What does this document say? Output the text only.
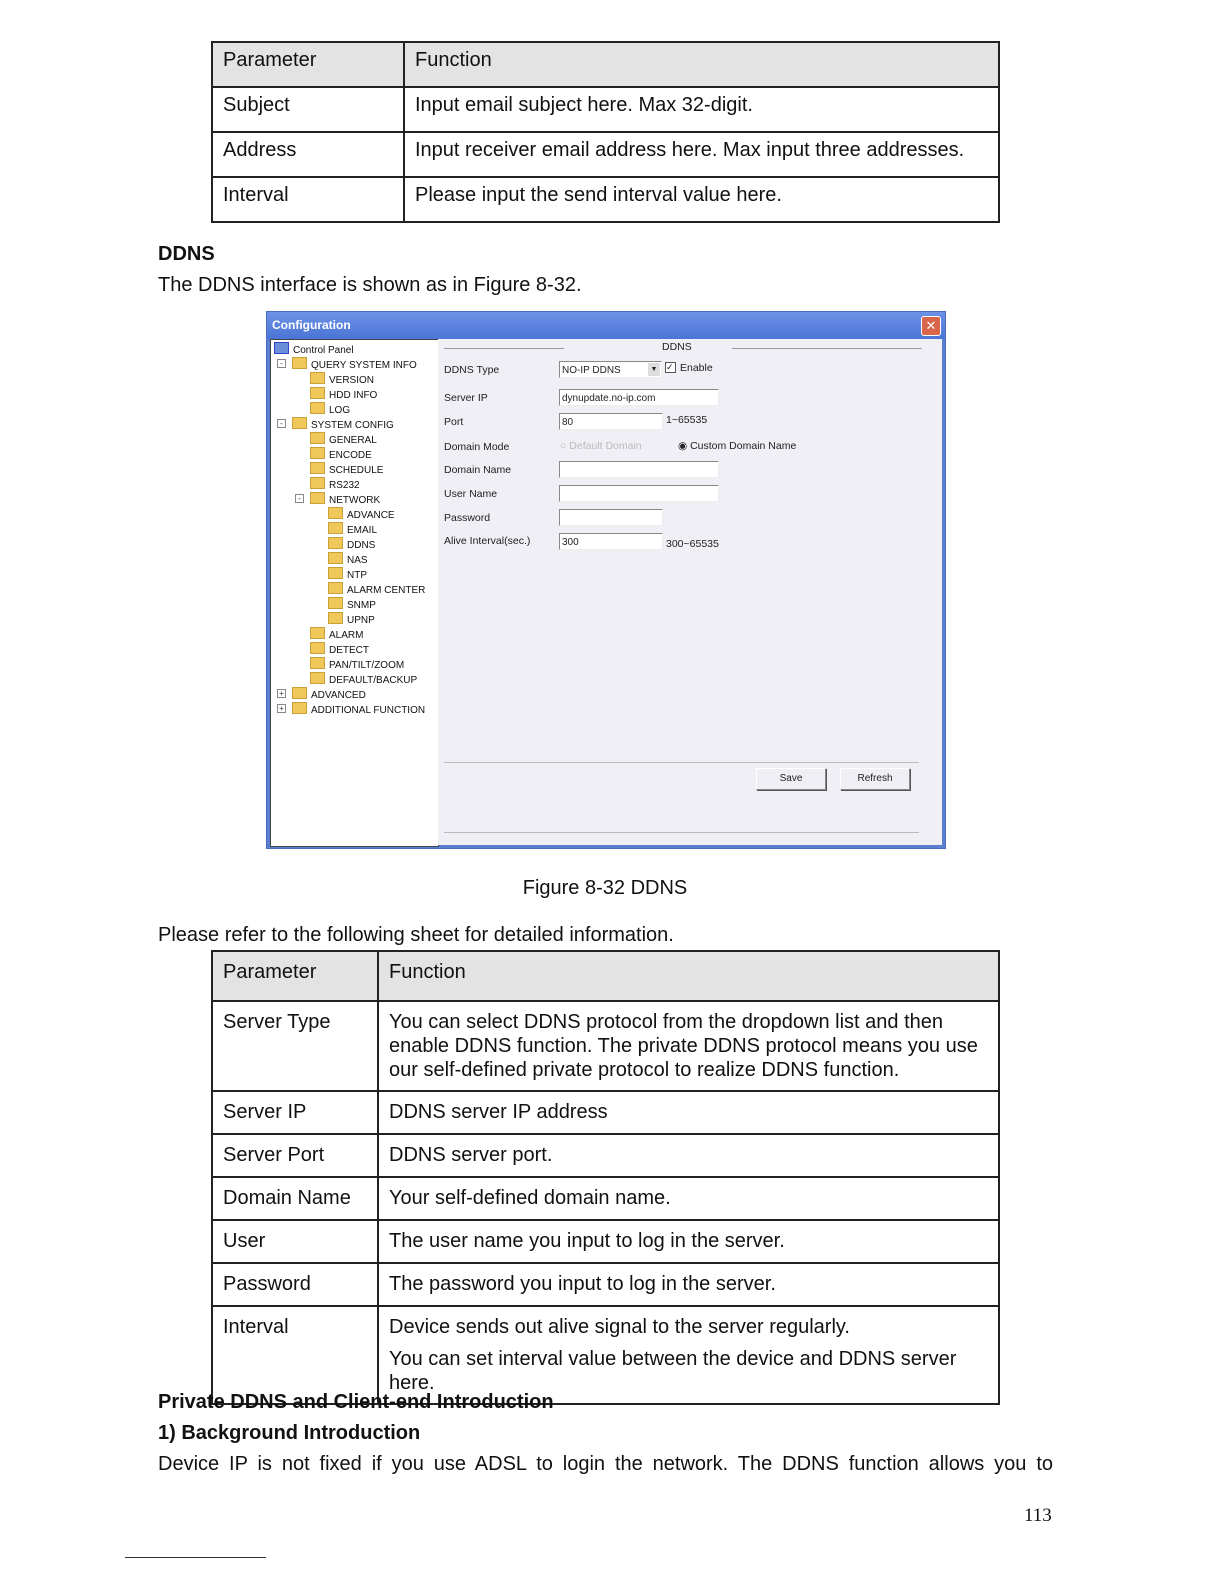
Parameter	Function
Subject	Input email subject here. Max 32-digit.
Address	Input receiver email address here. Max input three addresses.
Interval	Please input the send interval value here.
DDNS
The DDNS interface is shown as in Figure 8-32.
Configuration	✕
Control Panel
-	QUERY SYSTEM INFO
VERSION
HDD INFO
LOG
-	SYSTEM CONFIG
GENERAL
ENCODE
SCHEDULE
RS232
-	NETWORK
ADVANCE
EMAIL
DDNS
NAS
NTP
ALARM CENTER
SNMP
UPNP
ALARM
DETECT
PAN/TILT/ZOOM
DEFAULT/BACKUP
+	ADVANCED
+	ADDITIONAL FUNCTION
DDNS
DDNS Type	NO-IP DDNS	▼ ✓ Enable
Server IP	dynupdate.no-ip.com
Port	80	1~65535
Domain Mode	○ Default Domain	◉ Custom Domain Name
Domain Name
User Name
Password
Alive Interval(sec.)	300	300~65535
Save	Refresh
Figure 8-32 DDNS
Please refer to the following sheet for detailed information.
Parameter	Function
Server Type	You can select DDNS protocol from the dropdown list and then enable DDNS function. The private DDNS protocol means you use our self-defined private protocol to realize DDNS function.
Server IP	DDNS server IP address
Server Port	DDNS server port.
Domain Name	Your self-defined domain name.
User	The user name you input to log in the server.
Password	The password you input to log in the server.
Interval	Device sends out alive signal to the server regularly.
You can set interval value between the device and DDNS server here.
Private DDNS and Client-end Introduction
1) Background Introduction
Device IP is not fixed if you use ADSL to login the network. The DDNS function allows you to
113
